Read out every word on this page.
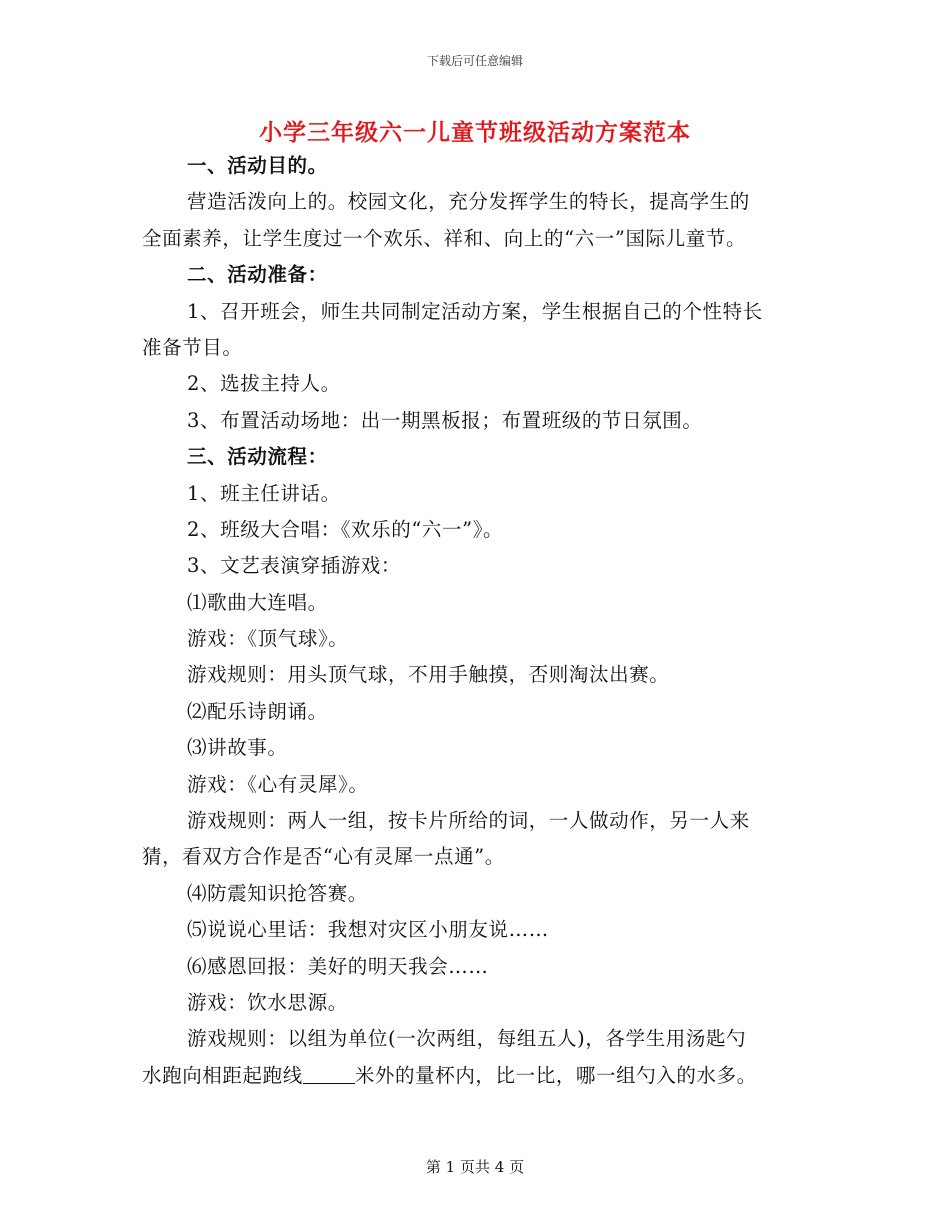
下载后可任意编辑
小学三年级六一儿童节班级活动方案范本
一、活动目的。
营造活泼向上的。校园文化，充分发挥学生的特长，提高学生的
全面素养，让学生度过一个欢乐、祥和、向上的“六一”国际儿童节。
二、活动准备：
1、召开班会，师生共同制定活动方案，学生根据自己的个性特长
准备节目。
2、选拔主持人。
3、布置活动场地：出一期黑板报；布置班级的节日氛围。
三、活动流程：
1、班主任讲话。
2、班级大合唱：《欢乐的“六一”》。
3、文艺表演穿插游戏：
⑴歌曲大连唱。
游戏：《顶气球》。
游戏规则：用头顶气球，不用手触摸，否则淘汰出赛。
⑵配乐诗朗诵。
⑶讲故事。
游戏：《心有灵犀》。
游戏规则：两人一组，按卡片所给的词，一人做动作，另一人来
猜，看双方合作是否“心有灵犀一点通”。
⑷防震知识抢答赛。
⑸说说心里话：我想对灾区小朋友说……
⑹感恩回报：美好的明天我会……
游戏：饮水思源。
游戏规则：以组为单位(一次两组，每组五人)，各学生用汤匙勺
水跑向相距起跑线	米外的量杯内，比一比，哪一组勺入的水多。
第 1 页共 4 页
